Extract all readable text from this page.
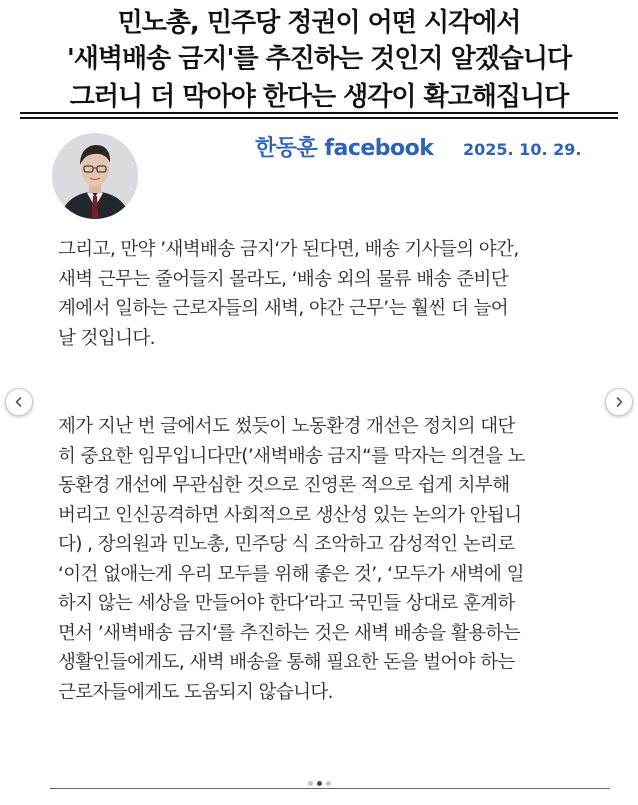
민노총, 민주당 정권이 어떤 시각에서
'새벽배송 금지'를 추진하는 것인지 알겠습니다
그러니 더 막아야 한다는 생각이 확고해집니다
한동훈 facebook 2025. 10. 29.
그리고, 만약 ’새벽배송 금지‘가 된다면, 배송 기사들의 야간,
새벽 근무는 줄어들지 몰라도, ‘배송 외의 물류 배송 준비단
계에서 일하는 근로자들의 새벽, 야간 근무’는 훨씬 더 늘어
날 것입니다.
제가 지난 번 글에서도 썼듯이 노동환경 개선은 정치의 대단
히 중요한 임무입니다만(’새벽배송 금지“를 막자는 의견을 노
동환경 개선에 무관심한 것으로 진영론 적으로 쉽게 치부해
버리고 인신공격하면 사회적으로 생산성 있는 논의가 안됩니
다) , 장의원과 민노총, 민주당 식 조악하고 감성적인 논리로
‘이건 없애는게 우리 모두를 위해 좋은 것’, ‘모두가 새벽에 일
하지 않는 세상을 만들어야 한다’라고 국민들 상대로 훈계하
면서 ’새벽배송 금지‘를 추진하는 것은 새벽 배송을 활용하는
생활인들에게도, 새벽 배송을 통해 필요한 돈을 벌어야 하는
근로자들에게도 도움되지 않습니다.
